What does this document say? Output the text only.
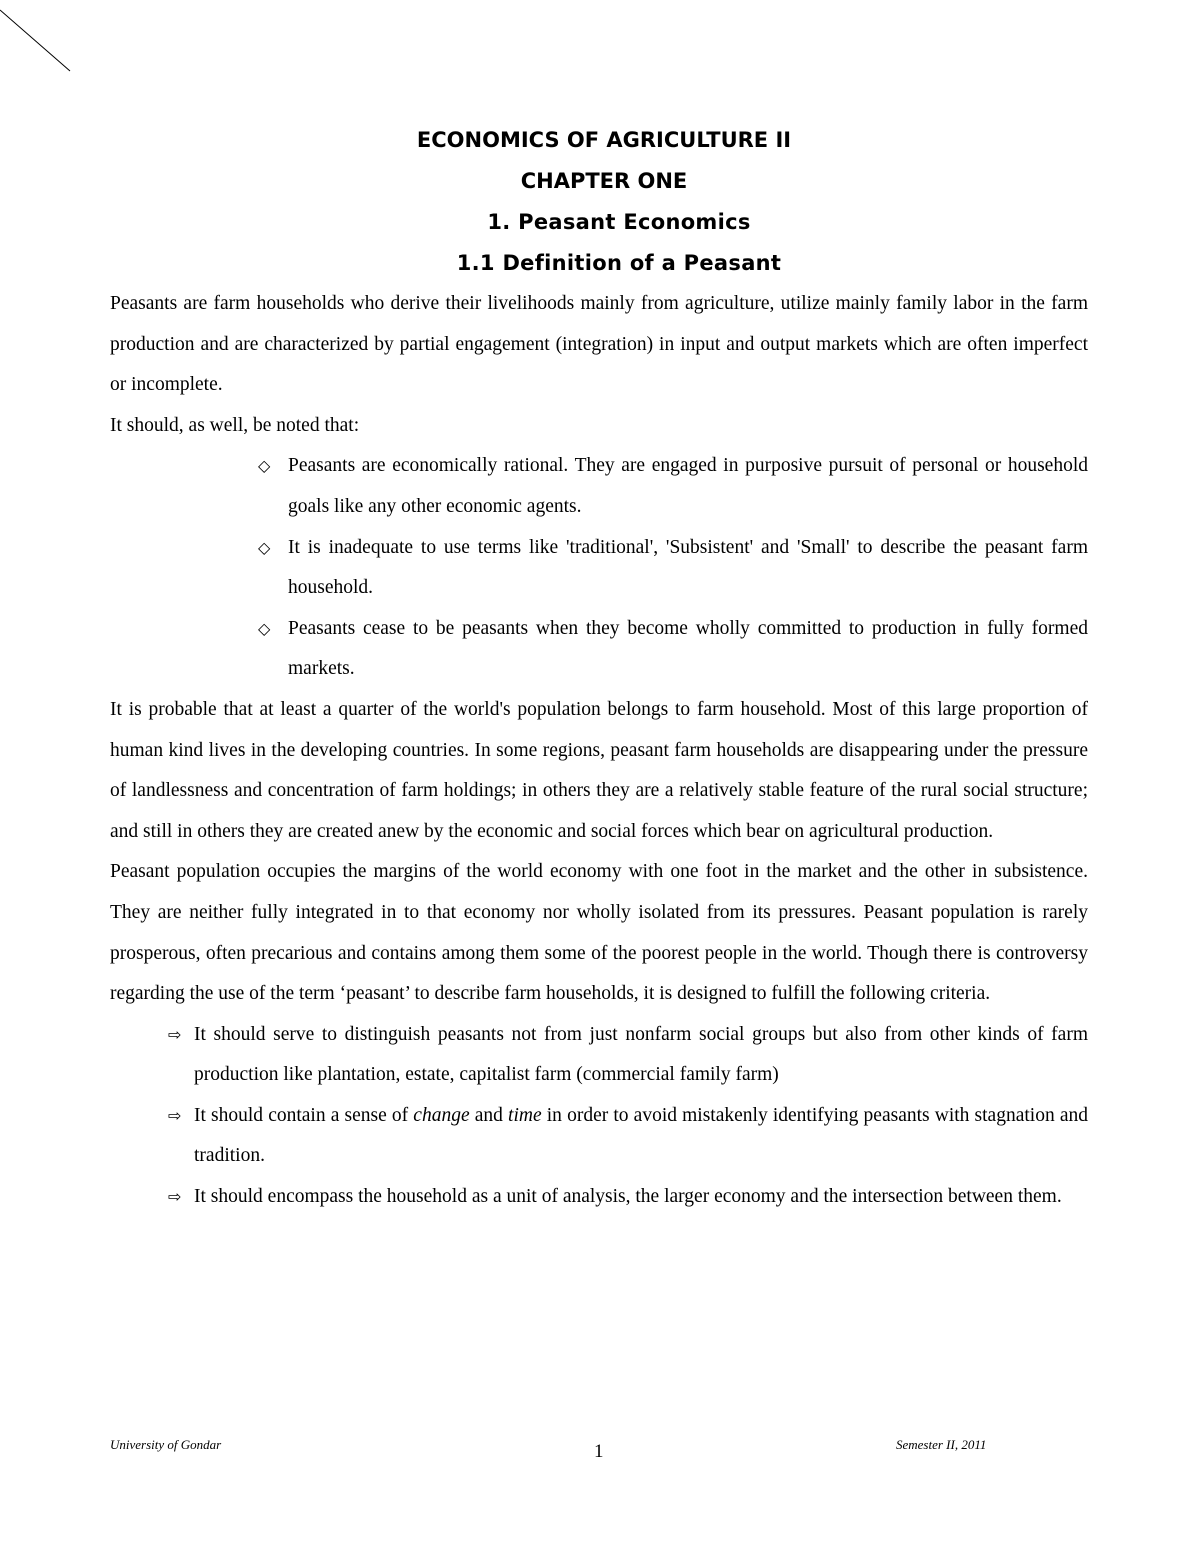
ECONOMICS OF AGRICULTURE II
CHAPTER ONE
1. Peasant Economics
1.1 Definition of a Peasant

Peasants are farm households who derive their livelihoods mainly from agriculture, utilize mainly family labor in the farm production and are characterized by partial engagement (integration) in input and output markets which are often imperfect or incomplete.

It should, as well, be noted that:

◇ Peasants are economically rational. They are engaged in purposive pursuit of personal or household goals like any other economic agents.
◇ It is inadequate to use terms like 'traditional', 'Subsistent' and 'Small' to describe the peasant farm household.
◇ Peasants cease to be peasants when they become wholly committed to production in fully formed markets.

It is probable that at least a quarter of the world's population belongs to farm household. Most of this large proportion of human kind lives in the developing countries. In some regions, peasant farm households are disappearing under the pressure of landlessness and concentration of farm holdings; in others they are a relatively stable feature of the rural social structure; and still in others they are created anew by the economic and social forces which bear on agricultural production.

Peasant population occupies the margins of the world economy with one foot in the market and the other in subsistence. They are neither fully integrated in to that economy nor wholly isolated from its pressures. Peasant population is rarely prosperous, often precarious and contains among them some of the poorest people in the world. Though there is controversy regarding the use of the term ‘peasant’ to describe farm households, it is designed to fulfill the following criteria.

⇨ It should serve to distinguish peasants not from just nonfarm social groups but also from other kinds of farm production like plantation, estate, capitalist farm (commercial family farm)
⇨ It should contain a sense of change and time in order to avoid mistakenly identifying peasants with stagnation and tradition.
⇨ It should encompass the household as a unit of analysis, the larger economy and the intersection between them.
University of Gondar	1	Semester II, 2011
